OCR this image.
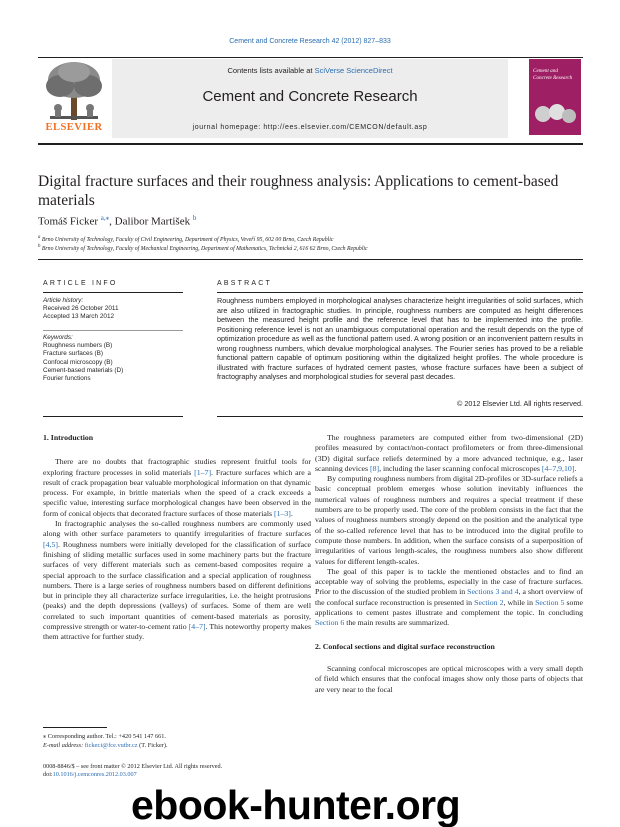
Cement and Concrete Research 42 (2012) 827–833
ELSEVIER
Contents lists available at SciVerse ScienceDirect
Cement and Concrete Research
journal homepage: http://ees.elsevier.com/CEMCON/default.asp
Cement and Concrete Research
Digital fracture surfaces and their roughness analysis: Applications to cement-based materials
Tomáš Ficker $^{a,⁎}$, Dalibor Martišek $^b$
$^a$ Brno University of Technology, Faculty of Civil Engineering, Department of Physics, Veveří 95, 602 00 Brno, Czech Republic
$^b$ Brno University of Technology, Faculty of Mechanical Engineering, Department of Mathematics, Technická 2, 616 62 Brno, Czech Republic
ARTICLE INFO	ABSTRACT
Article history:
Received 26 October 2011
Accepted 13 March 2012
Keywords:
Roughness numbers (B)
Fracture surfaces (B)
Confocal microscopy (B)
Cement-based materials (D)
Fourier functions
Roughness numbers employed in morphological analyses characterize height irregularities of solid surfaces, which are also utilized in fractographic studies. In principle, roughness numbers are computed as height differences between the measured height profile and the reference level that has to be implemented into the profile. Positioning reference level is not an unambiguous computational operation and the result depends on the type of optimization procedure as well as the functional pattern used. A wrong position or an inconvenient pattern results in wrong roughness numbers, which devalue morphological analyses. The Fourier series has proved to be a reliable functional pattern capable of optimum positioning within the digitalized height profiles. The whole procedure is illustrated with fracture surfaces of hydrated cement pastes, whose fracture surfaces have been a subject of fractography analyses and morphological studies for several past decades.
© 2012 Elsevier Ltd. All rights reserved.
1. Introduction

There are no doubts that fractographic studies represent fruitful tools for exploring fracture processes in solid materials [1–7]. Fracture surfaces which are a result of crack propagation bear valuable morphological information on that dynamic process. For example, in brittle materials when the speed of a crack exceeds a specific value, interesting surface morphological changes have been observed in the form of conical objects that decorated fracture surfaces of those materials [1–3].

In fractographic analyses the so-called roughness numbers are commonly used along with other surface parameters to quantify irregularities of fracture surfaces [4,5]. Roughness numbers were initially developed for the classification of surface finishing of sliding metallic surfaces used in some machinery parts but the fracture surfaces of very different materials such as cement-based composites require a special approach to the surface classification and a special application of roughness numbers. There is a large series of roughness numbers based on different definitions but in principle they all characterize surface irregularities, i.e. the height protrusions (peaks) and the depth depressions (valleys) of surfaces. Some of them are well correlated to such important quantities of cement-based materials as porosity, compressive strength or water-to-cement ratio [4–7]. This noteworthy property makes them attractive for further study.

The roughness parameters are computed either from two-dimensional (2D) profiles measured by contact/non-contact profilometers or from three-dimensional (3D) digital surface reliefs determined by a more advanced technique, e.g., laser scanning devices [8], including the laser scanning confocal microscopes [4–7,9,10].

By computing roughness numbers from digital 2D-profiles or 3D-surface reliefs a basic conceptual problem emerges whose solution inevitably influences the numerical values of roughness numbers and requires a special treatment if these numbers are to be properly used. The core of the problem consists in the fact that the values of roughness numbers strongly depend on the position and the analytical type of the so-called reference level that has to be introduced into the digital profile to compute those numbers. In addition, when the surface consists of a superposition of irregularities of various length-scales, the roughness numbers also show different values for different length-scales.

The goal of this paper is to tackle the mentioned obstacles and to find an acceptable way of solving the problems, especially in the case of fracture surfaces. Prior to the discussion of the studied problem in Sections 3 and 4, a short overview of the confocal surface reconstruction is presented in Section 2, while in Section 5 some applications to cement pastes illustrate and complement the topic. In concluding Section 6 the main results are summarized.

2. Confocal sections and digital surface reconstruction

Scanning confocal microscopes are optical microscopes with a very small depth of field which ensures that the confocal images show only those parts of objects that are very near to the focal

⁎ Corresponding author. Tel.: +420 541 147 661.
E-mail address: ficker.t@fce.vutbr.cz (T. Ficker).
0008-8846/$ – see front matter © 2012 Elsevier Ltd. All rights reserved.
doi:10.1016/j.cemconres.2012.03.007
ebook-hunter.org
